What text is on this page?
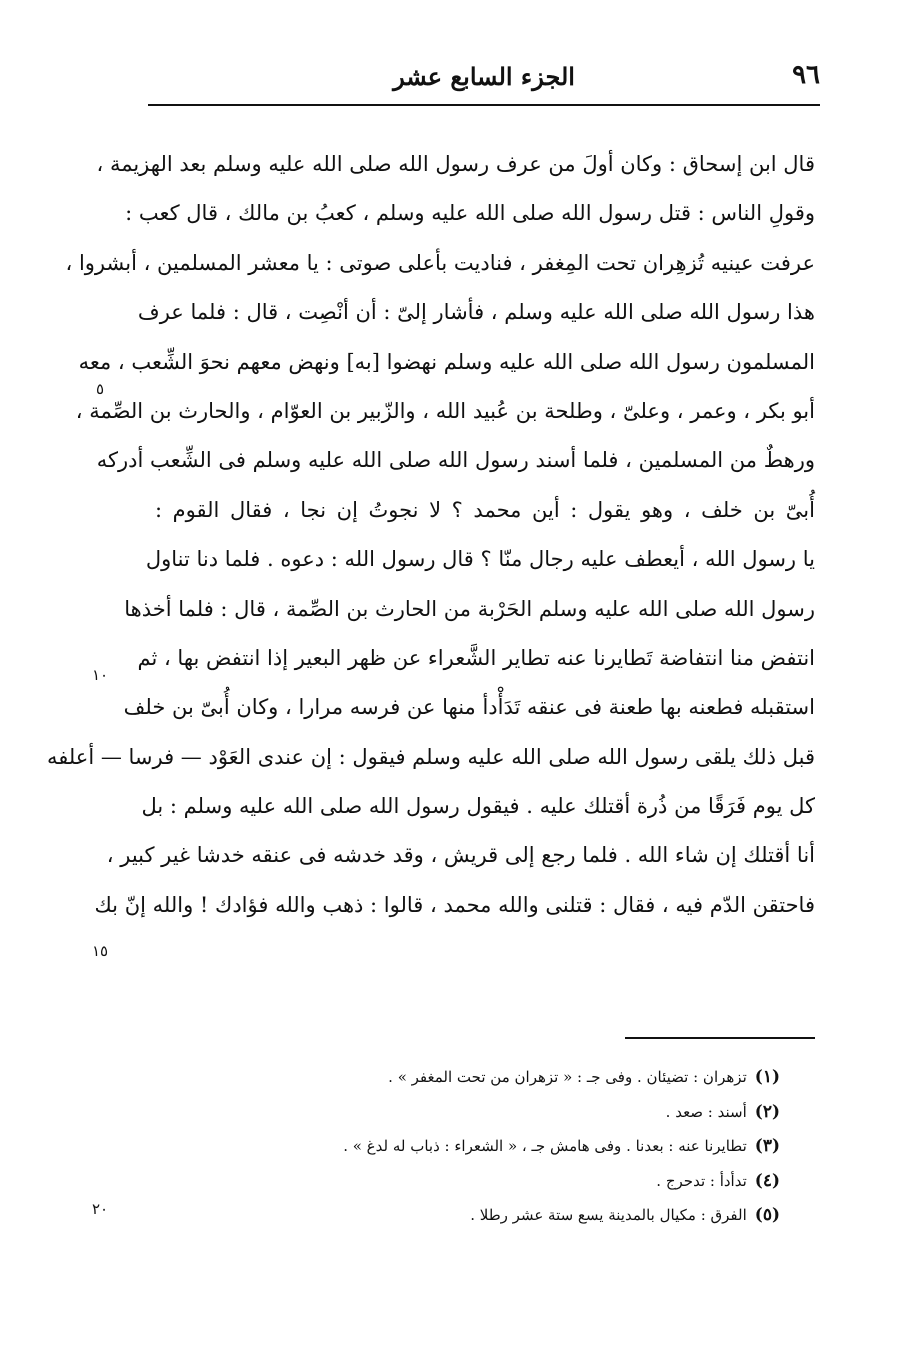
٩٦
الجزء السابع عشر
قال ابن إسحاق : وكان أولَ من عرف رسول الله صلى الله عليه وسلم بعد الهزيمة ،
وقولِ الناس : قتل رسول الله صلى الله عليه وسلم ، كعبُ بن مالك ، قال كعب :
عرفت عينيه تُزهِران تحت المِغفر ، فناديت بأعلى صوتى : يا معشر المسلمين ، أبشروا ،
هذا رسول الله صلى الله عليه وسلم ، فأشار إلىّ : أن أنْصِت ، قال : فلما عرف
المسلمون رسول الله صلى الله عليه وسلم نهضوا [به] ونهض معهم نحوَ الشِّعب ، معه
أبو بكر ، وعمر ، وعلىّ ، وطلحة بن عُبيد الله ، والزّبير بن العوّام ، والحارث بن الصِّمة ،
ورهطٌ من المسلمين ، فلما أسند رسول الله صلى الله عليه وسلم فى الشِّعب أدركه
أُبىّ بن خلف ، وهو يقول : أين محمد ؟ لا نجوتُ إن نجا ، فقال القوم :
يا رسول الله ، أيعطف عليه رجال منّا ؟ قال رسول الله : دعوه . فلما دنا تناول
رسول الله صلى الله عليه وسلم الحَرْبة من الحارث بن الصِّمة ، قال : فلما أخذها
انتفض منا انتفاضة تَطايرنا عنه تطاير الشَّعراء عن ظهر البعير إذا انتفض بها ، ثم
استقبله فطعنه بها طعنة فى عنقه تَدَأْدأ منها عن فرسه مرارا ، وكان أُبىّ بن خلف
قبل ذلك يلقى رسول الله صلى الله عليه وسلم فيقول : إن عندى العَوْد — فرسا — أعلفه
كل يوم فَرَقًا من ذُرة أقتلك عليه . فيقول رسول الله صلى الله عليه وسلم : بل
أنا أقتلك إن شاء الله . فلما رجع إلى قريش ، وقد خدشه فى عنقه خدشا غير كبير ،
فاحتقن الدّم فيه ، فقال : قتلنى والله محمد ، قالوا : ذهب والله فؤادك ! والله إنّ بك
٥
١٠
١٥
٢٠
(١)تزهران : تضيئان . وفى جـ : « تزهران من تحت المغفر » .
(٢)أسند : صعد .
(٣)تطايرنا عنه : بعدنا . وفى هامش جـ ، « الشعراء : ذباب له لدغ » .
(٤)تدأدأ : تدحرج .
(٥)الفرق : مكيال بالمدينة يسع ستة عشر رطلا .
